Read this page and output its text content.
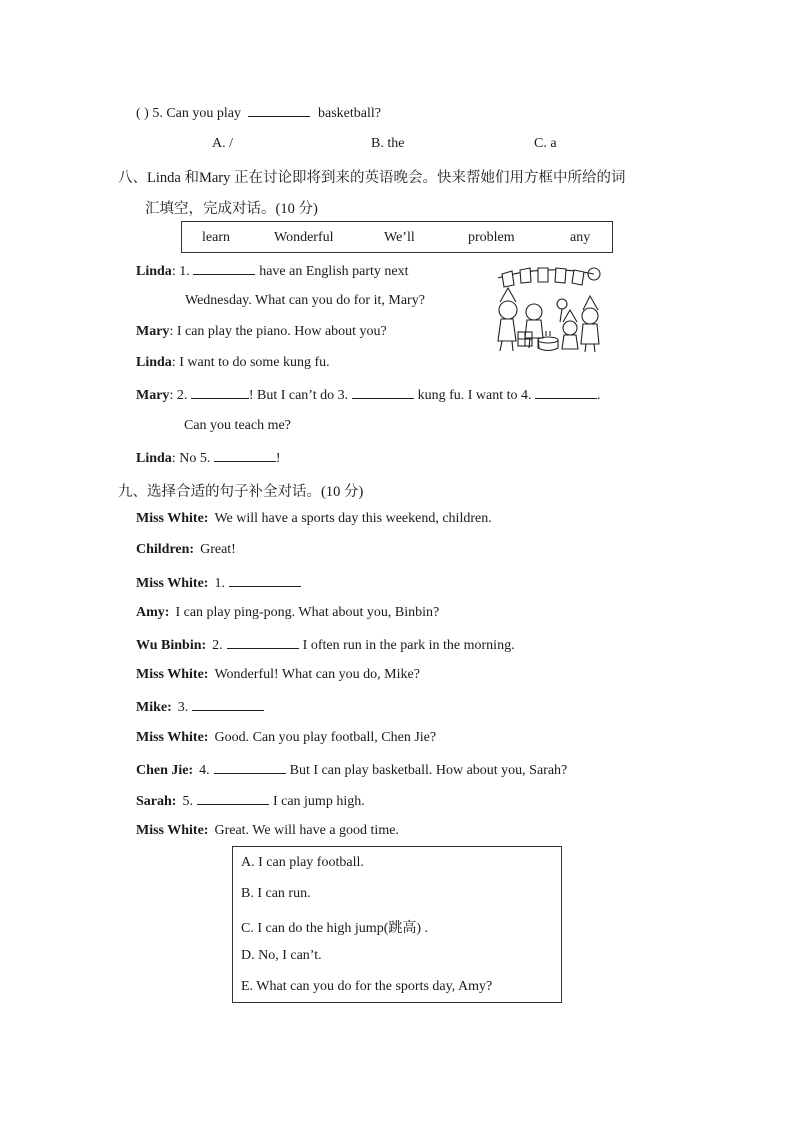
( ) 5. Can you play	basketball?
A. /	B. the	C. a
八、Linda 和Mary 正在讨论即将到来的英语晚会。快来帮她们用方框中所给的词
汇填空，完成对话。(10 分)
learn	Wonderful	We’ll	problem	any
Linda: 1.	have an English party next
Wednesday. What can you do for it, Mary?
Mary: I can play the piano. How about you?
Linda: I want to do some kung fu.
Mary: 2.	! But I can’t do 3.	kung fu. I want to 4.	.
Can you teach me?
Linda: No 5.	!
九、选择合适的句子补全对话。(10 分)
Miss White: We will have a sports day this weekend, children.
Children: Great!
Miss White: 1.
Amy: I can play ping-pong. What about you, Binbin?
Wu Binbin: 2.	I often run in the park in the morning.
Miss White: Wonderful! What can you do, Mike?
Mike: 3.
Miss White: Good. Can you play football, Chen Jie?
Chen Jie: 4.	But I can play basketball. How about you, Sarah?
Sarah: 5.	I can jump high.
Miss White: Great. We will have a good time.
A. I can play football.
B. I can run.
C. I can do the high jump(跳高) .
D. No, I can’t.
E. What can you do for the sports day, Amy?
